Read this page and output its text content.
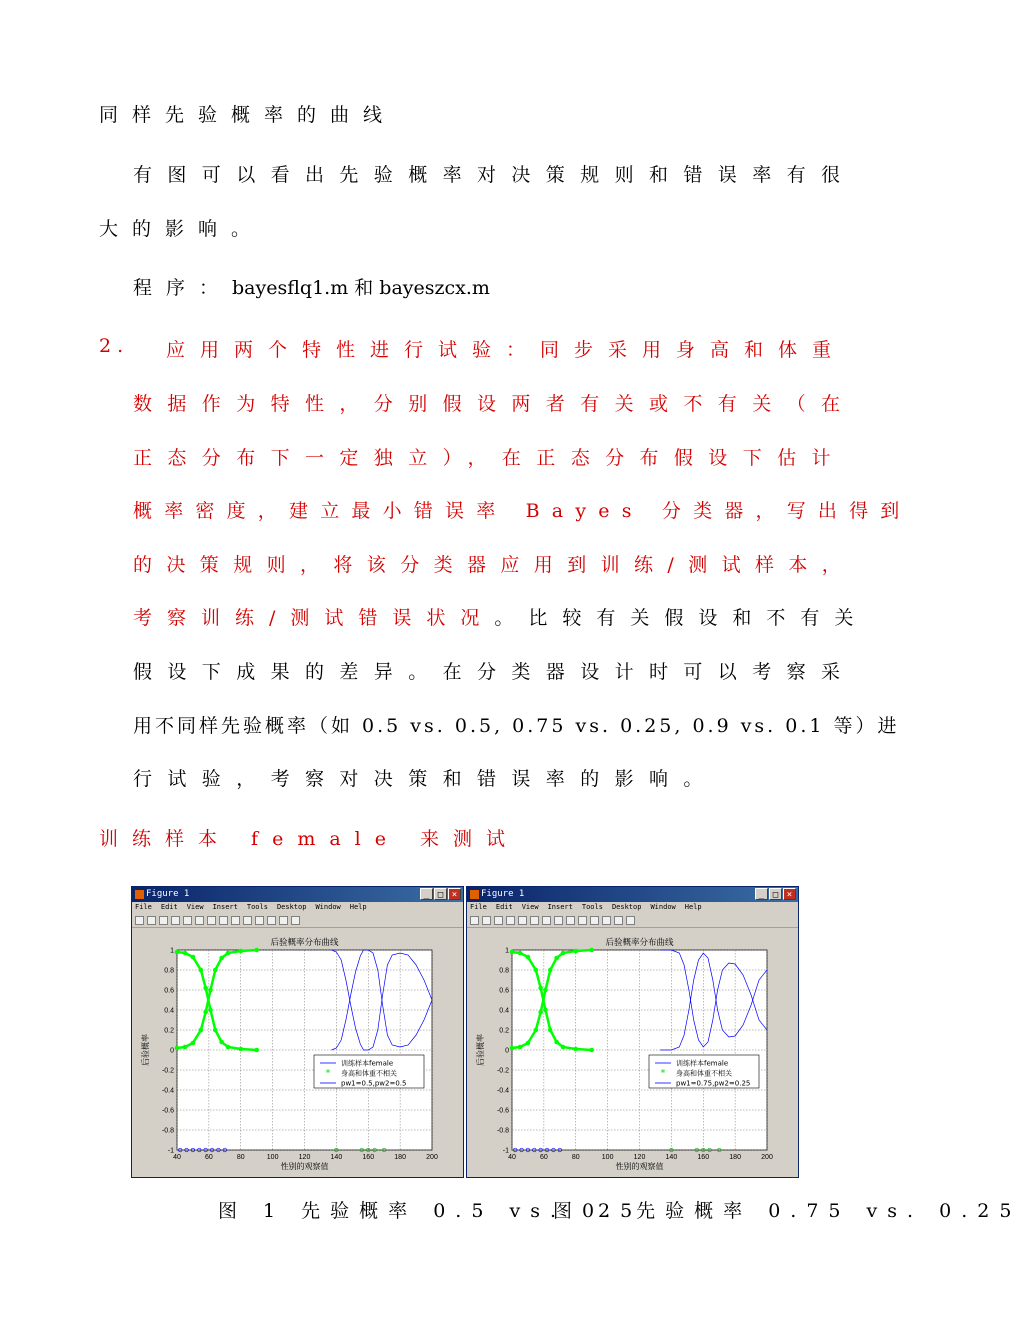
同样先验概率的曲线
有图可以看出先验概率对决策规则和错误率有很
大的影响。
程序：bayesflq1.m 和 bayeszcx.m
2. 应用两个特性进行试验：同步采用身高和体重
数据作为特性，分别假设两者有关或不有关（在
正态分布下一定独立），在正态分布假设下估计
概率密度，建立最小错误率 Bayes 分类器，写出得到
的决策规则，将该分类器应用到训练/测试样本，
考察训练/测试错误状况。比较有关假设和不有关
假设下成果的差异。在分类器设计时可以考察采
用不同样先验概率（如 0.5 vs. 0.5, 0.75 vs. 0.25, 0.9 vs. 0.1 等）进
行试验，考察对决策和错误率的影响。
训练样本 female 来测试
Figure 1	_ □ ×
File Edit View Insert Tools Desktop Window Help
40	60	80	100	120	140	160	180	200
1
0.8
0.6
0.4
0.2
0
-0.2
-0.4
-0.6
-0.8
-1
后验概率分布曲线
性别的观察值
后验概率	训练样本female
* 身高和体重不相关
pw1=0.5,pw2=0.5
Figure 1	_ □ ×
File Edit View Insert Tools Desktop Window Help
40	60	80	100	120	140	160	180	200
1
0.8
0.6
0.4
0.2
0
-0.2
-0.4
-0.6
-0.8
-1
后验概率分布曲线
性别的观察值
后验概率	训练样本female
* 身高和体重不相关
pw1=0.75,pw2=0.25
图 1 先验概率 0.5 vs. 0.5
图 2 先验概率 0.75 vs. 0.25
